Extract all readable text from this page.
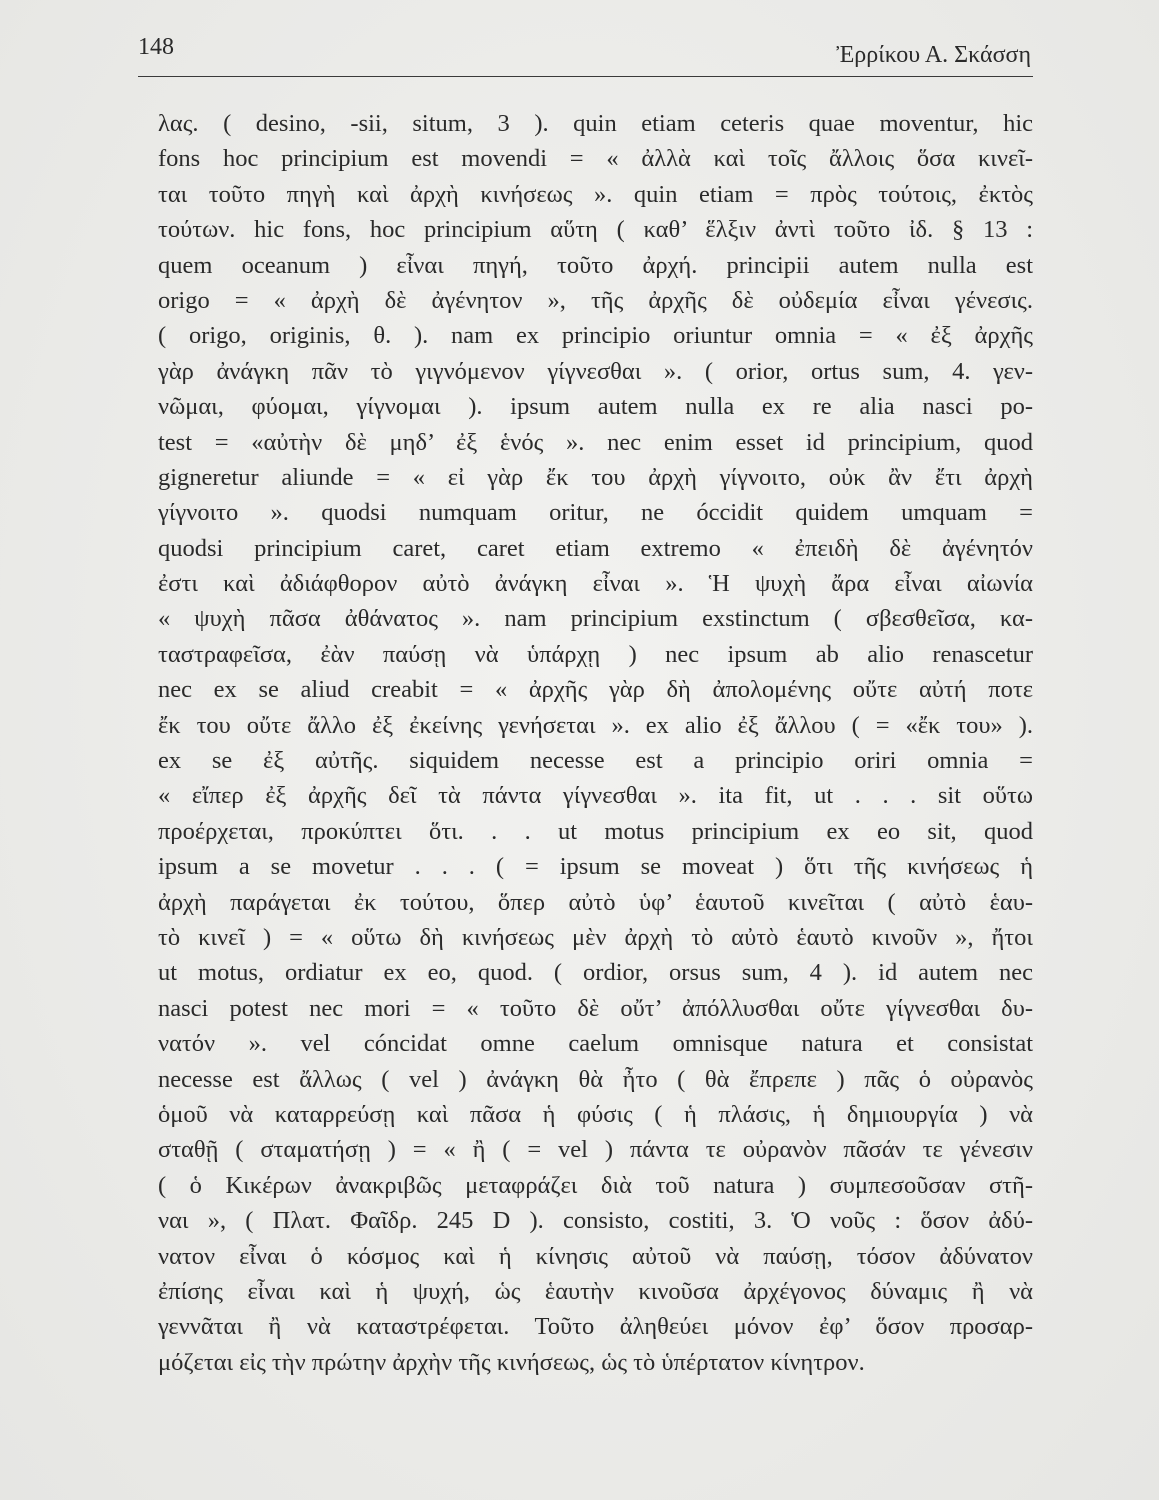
148	Ἐρρίκου Α. Σκάσση
λας. ( desino, -sii, situm, 3 ). quin etiam ceteris quae moventur, hic
fons hoc principium est movendi = « ἀλλὰ καὶ τοῖς ἄλλοις ὅσα κινεῖ-
ται τοῦτο πηγὴ καὶ ἀρχὴ κινήσεως ». quin etiam = πρὸς τούτοις, ἐκτὸς
τούτων. hic fons, hoc principium αὕτη ( καθ’ ἕλξιν ἀντὶ τοῦτο ἰδ. § 13 :
quem oceanum ) εἶναι πηγή, τοῦτο ἀρχή. principii autem nulla est
origo = « ἀρχὴ δὲ ἀγένητον », τῆς ἀρχῆς δὲ οὐδεμία εἶναι γένεσις.
( origo, originis, θ. ). nam ex principio oriuntur omnia = « ἐξ ἀρχῆς
γὰρ ἀνάγκη πᾶν τὸ γιγνόμενον γίγνεσθαι ». ( orior, ortus sum, 4. γεν-
νῶμαι, φύομαι, γίγνομαι ). ipsum autem nulla ex re alia nasci po-
test = «αὐτὴν δὲ μηδ’ ἐξ ἑνός ». nec enim esset id principium, quod
gigneretur aliunde = « εἰ γὰρ ἔκ του ἀρχὴ γίγνοιτο, οὐκ ἂν ἔτι ἀρχὴ
γίγνοιτο ». quodsi numquam oritur, ne óccidit quidem umquam =
quodsi principium caret, caret etiam extremo « ἐπειδὴ δὲ ἀγένητόν
ἐστι καὶ ἀδιάφθορον αὐτὸ ἀνάγκη εἶναι ». Ἡ ψυχὴ ἄρα εἶναι αἰωνία
« ψυχὴ πᾶσα ἀθάνατος ». nam principium exstinctum ( σβεσθεῖσα, κα-
ταστραφεῖσα, ἐὰν παύσῃ νὰ ὑπάρχῃ ) nec ipsum ab alio renascetur
nec ex se aliud creabit = « ἀρχῆς γὰρ δὴ ἀπολομένης οὔτε αὐτή ποτε
ἔκ του οὔτε ἄλλο ἐξ ἐκείνης γενήσεται ». ex alio ἐξ ἄλλου ( = «ἔκ του» ).
ex se ἐξ αὐτῆς. siquidem necesse est a principio oriri omnia =
« εἴπερ ἐξ ἀρχῆς δεῖ τὰ πάντα γίγνεσθαι ». ita fit, ut . . . sit οὕτω
προέρχεται, προκύπτει ὅτι. . . ut motus principium ex eo sit, quod
ipsum a se movetur . . . ( = ipsum se moveat ) ὅτι τῆς κινήσεως ἡ
ἀρχὴ παράγεται ἐκ τούτου, ὅπερ αὐτὸ ὑφ’ ἑαυτοῦ κινεῖται ( αὐτὸ ἑαυ-
τὸ κινεῖ ) = « οὕτω δὴ κινήσεως μὲν ἀρχὴ τὸ αὐτὸ ἑαυτὸ κινοῦν », ἤτοι
ut motus, ordiatur ex eo, quod. ( ordior, orsus sum, 4 ). id autem nec
nasci potest nec mori = « τοῦτο δὲ οὔτ’ ἀπόλλυσθαι οὔτε γίγνεσθαι δυ-
νατόν ». vel cóncidat omne caelum omnisque natura et consistat
necesse est ἄλλως ( vel ) ἀνάγκη θὰ ἦτο ( θὰ ἔπρεπε ) πᾶς ὁ οὐρανὸς
ὁμοῦ νὰ καταρρεύσῃ καὶ πᾶσα ἡ φύσις ( ἡ πλάσις, ἡ δημιουργία ) νὰ
σταθῇ ( σταματήσῃ ) = « ἢ ( = vel ) πάντα τε οὐρανὸν πᾶσάν τε γένεσιν
( ὁ Κικέρων ἀνακριβῶς μεταφράζει διὰ τοῦ natura ) συμπεσοῦσαν στῆ-
ναι », ( Πλατ. Φαῖδρ. 245 D ). consisto, costiti, 3. Ὁ νοῦς : ὅσον ἀδύ-
νατον εἶναι ὁ κόσμος καὶ ἡ κίνησις αὐτοῦ νὰ παύσῃ, τόσον ἀδύνατον
ἐπίσης εἶναι καὶ ἡ ψυχή, ὡς ἑαυτὴν κινοῦσα ἀρχέγονος δύναμις ἢ νὰ
γεννᾶται ἢ νὰ καταστρέφεται. Τοῦτο ἀληθεύει μόνον ἐφ’ ὅσον προσαρ-
μόζεται εἰς τὴν πρώτην ἀρχὴν τῆς κινήσεως, ὡς τὸ ὑπέρτατον κίνητρον.
